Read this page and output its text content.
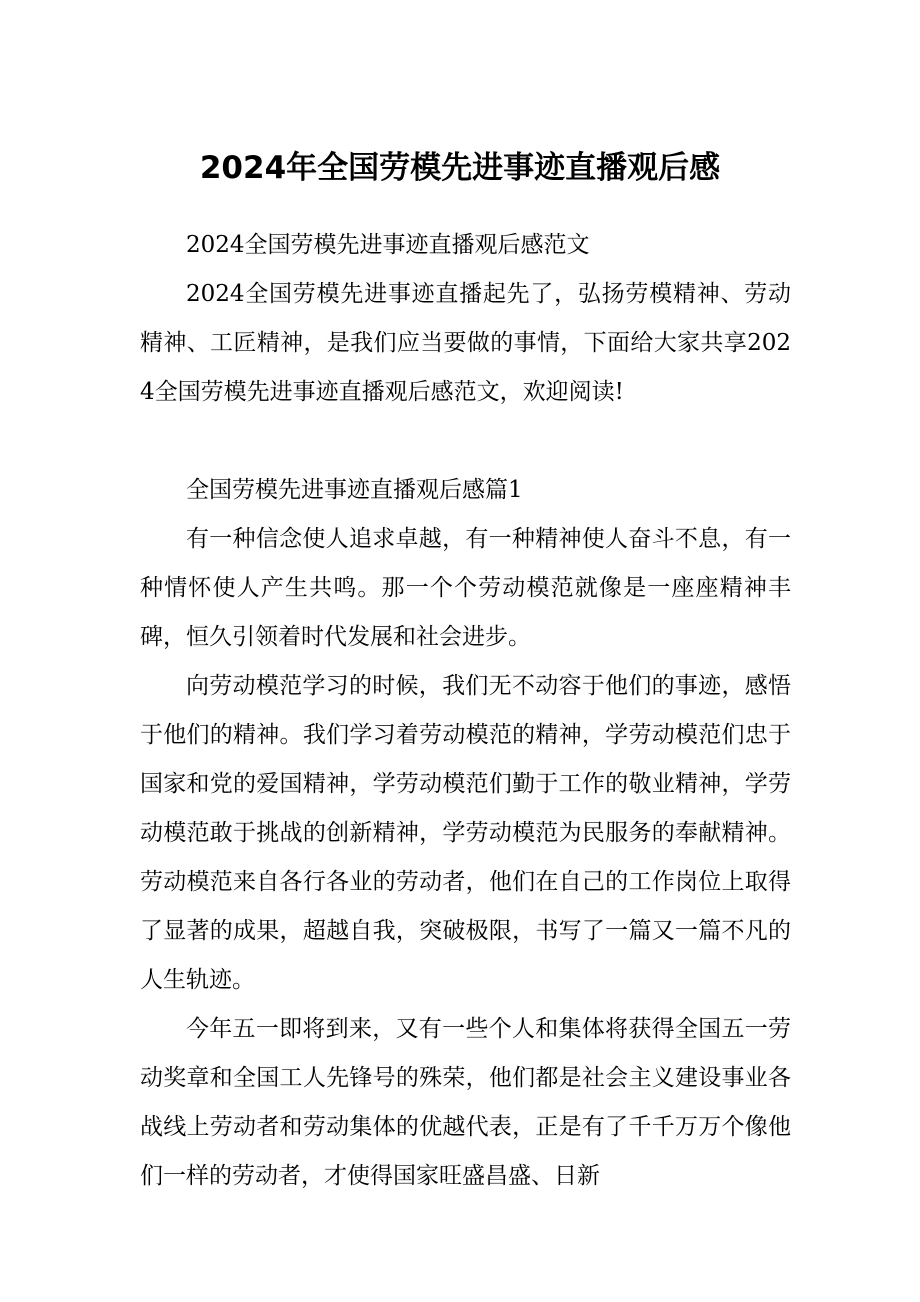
2024年全国劳模先进事迹直播观后感

2024全国劳模先进事迹直播观后感范文

2024全国劳模先进事迹直播起先了，弘扬劳模精神、劳动精神、工匠精神，是我们应当要做的事情，下面给大家共享2024全国劳模先进事迹直播观后感范文，欢迎阅读!

全国劳模先进事迹直播观后感篇1

有一种信念使人追求卓越，有一种精神使人奋斗不息，有一种情怀使人产生共鸣。那一个个劳动模范就像是一座座精神丰碑，恒久引领着时代发展和社会进步。

向劳动模范学习的时候，我们无不动容于他们的事迹，感悟于他们的精神。我们学习着劳动模范的精神，学劳动模范们忠于国家和党的爱国精神，学劳动模范们勤于工作的敬业精神，学劳动模范敢于挑战的创新精神，学劳动模范为民服务的奉献精神。劳动模范来自各行各业的劳动者，他们在自己的工作岗位上取得了显著的成果，超越自我，突破极限，书写了一篇又一篇不凡的人生轨迹。

今年五一即将到来，又有一些个人和集体将获得全国五一劳动奖章和全国工人先锋号的殊荣，他们都是社会主义建设事业各战线上劳动者和劳动集体的优越代表，正是有了千千万万个像他们一样的劳动者，才使得国家旺盛昌盛、日新
